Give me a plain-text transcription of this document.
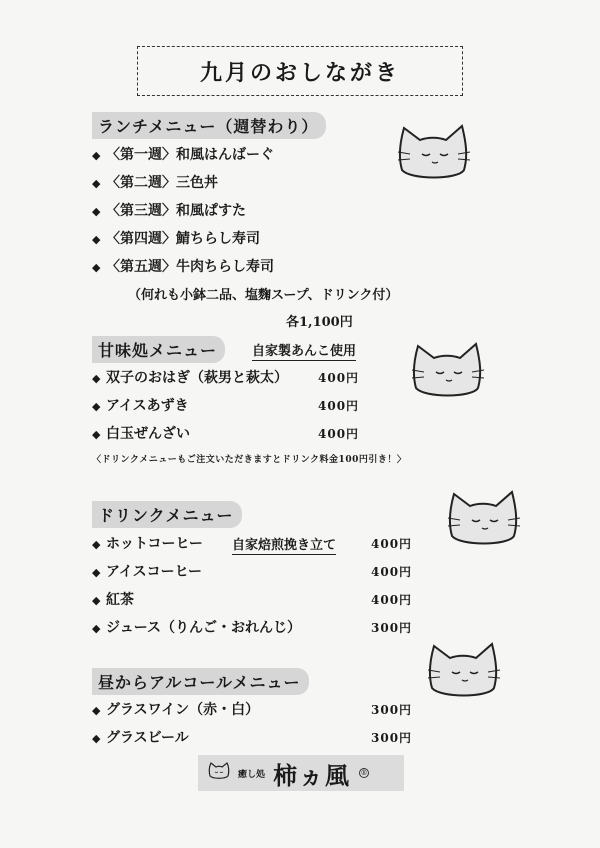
九月のおしながき
ランチメニュー（週替わり）
◆ 〈第一週〉和風はんばーぐ
◆ 〈第二週〉三色丼
◆ 〈第三週〉和風ぱすた
◆ 〈第四週〉鯖ちらし寿司
◆ 〈第五週〉牛肉ちらし寿司
（何れも小鉢二品、塩麴スープ、ドリンク付）
各1,100円
甘味処メニュー	自家製あんこ使用
◆ 双子のおはぎ（萩男と萩太）	400円
◆ アイスあずき	400円
◆ 白玉ぜんざい	400円
〈ドリンクメニューもご注文いただきますとドリンク料金100円引き！〉
ドリンクメニュー
◆ ホットコーヒー 自家焙煎挽き立て	400円
◆ アイスコーヒー	400円
◆ 紅茶	400円
◆ ジュース（りんご・おれんじ）	300円
昼からアルコールメニュー
◆ グラスワイン（赤・白）	300円
◆ グラスビール	300円
癒し処 柿ヵ風 ®
